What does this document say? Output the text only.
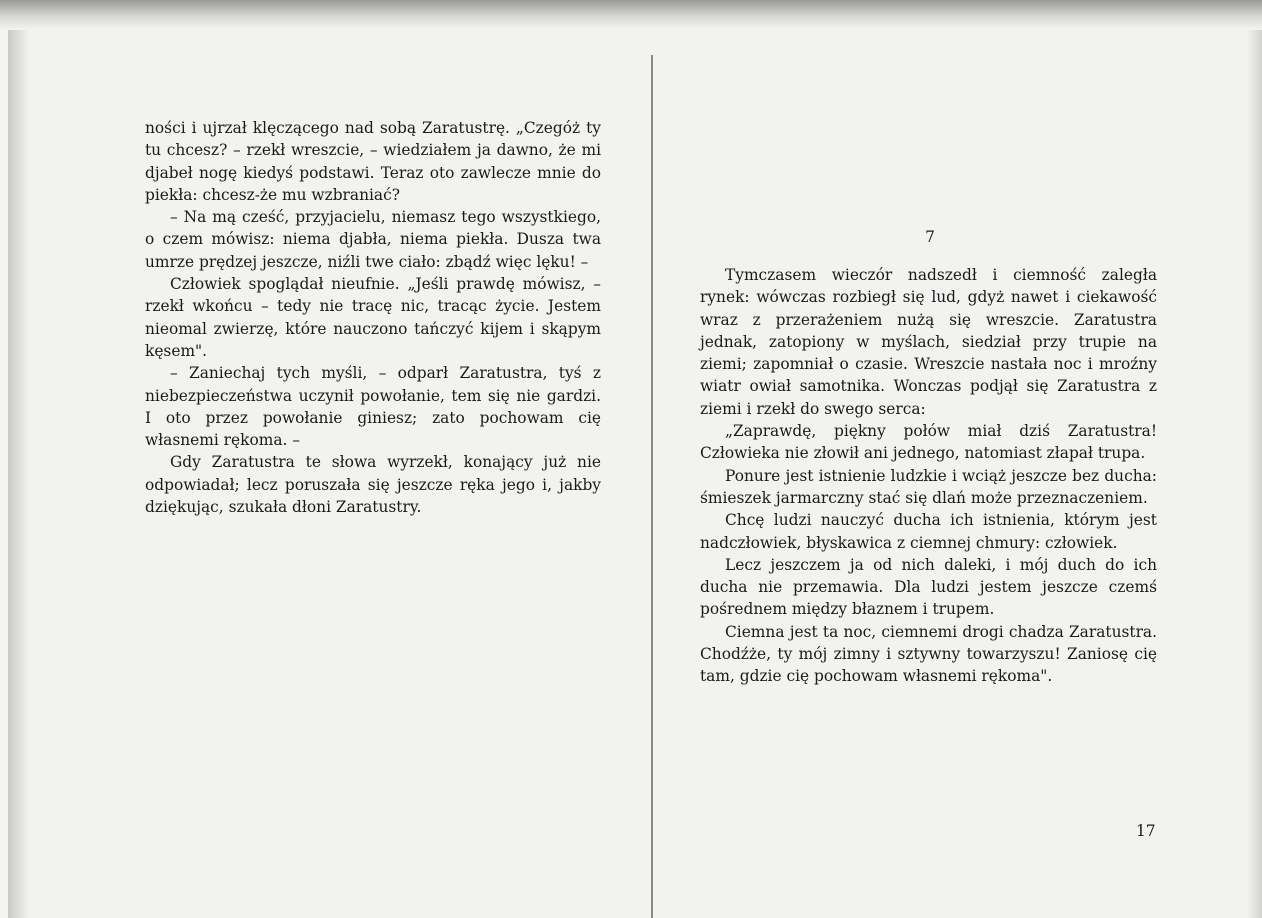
ności i ujrzał klęczącego nad sobą Zaratustrę. „Czegóż ty tu chcesz? – rzekł wreszcie, – wiedziałem ja dawno, że mi djabeł nogę kiedyś podstawi. Teraz oto zawlecze mnie do piekła: chcesz-że mu wzbraniać?

– Na mą cześć, przyjacielu, niemasz tego wszystkiego, o czem mówisz: niema djabła, niema piekła. Dusza twa umrze prędzej jeszcze, niźli twe ciało: zbądź więc lęku! –

Człowiek spoglądał nieufnie. „Jeśli prawdę mówisz, – rzekł wkońcu – tedy nie tracę nic, tracąc życie. Jestem nieomal zwierzę, które nauczono tańczyć kijem i skąpym kęsem".

– Zaniechaj tych myśli, – odparł Zaratustra, tyś z niebezpieczeństwa uczynił powołanie, tem się nie gardzi. I oto przez powołanie giniesz; zato pochowam cię własnemi rękoma. –

Gdy Zaratustra te słowa wyrzekł, konający już nie odpowiadał; lecz poruszała się jeszcze ręka jego i, jakby dziękując, szukała dłoni Zaratustry.

7

Tymczasem wieczór nadszedł i ciemność zaległa rynek: wówczas rozbiegł się lud, gdyż nawet i ciekawość wraz z przerażeniem nużą się wreszcie. Zaratustra jednak, zatopiony w myślach, siedział przy trupie na ziemi; zapomniał o czasie. Wreszcie nastała noc i mroźny wiatr owiał samotnika. Wonczas podjął się Zaratustra z ziemi i rzekł do swego serca:

„Zaprawdę, piękny połów miał dziś Zaratustra! Człowieka nie złowił ani jednego, natomiast złapał trupa.

Ponure jest istnienie ludzkie i wciąż jeszcze bez ducha: śmieszek jarmarczny stać się dlań może przeznaczeniem.

Chcę ludzi nauczyć ducha ich istnienia, którym jest nadczłowiek, błyskawica z ciemnej chmury: człowiek.

Lecz jeszczem ja od nich daleki, i mój duch do ich ducha nie przemawia. Dla ludzi jestem jeszcze czemś pośrednem między błaznem i trupem.

Ciemna jest ta noc, ciemnemi drogi chadza Zaratustra. Chodźże, ty mój zimny i sztywny towarzyszu! Zaniosę cię tam, gdzie cię pochowam własnemi rękoma".

17
